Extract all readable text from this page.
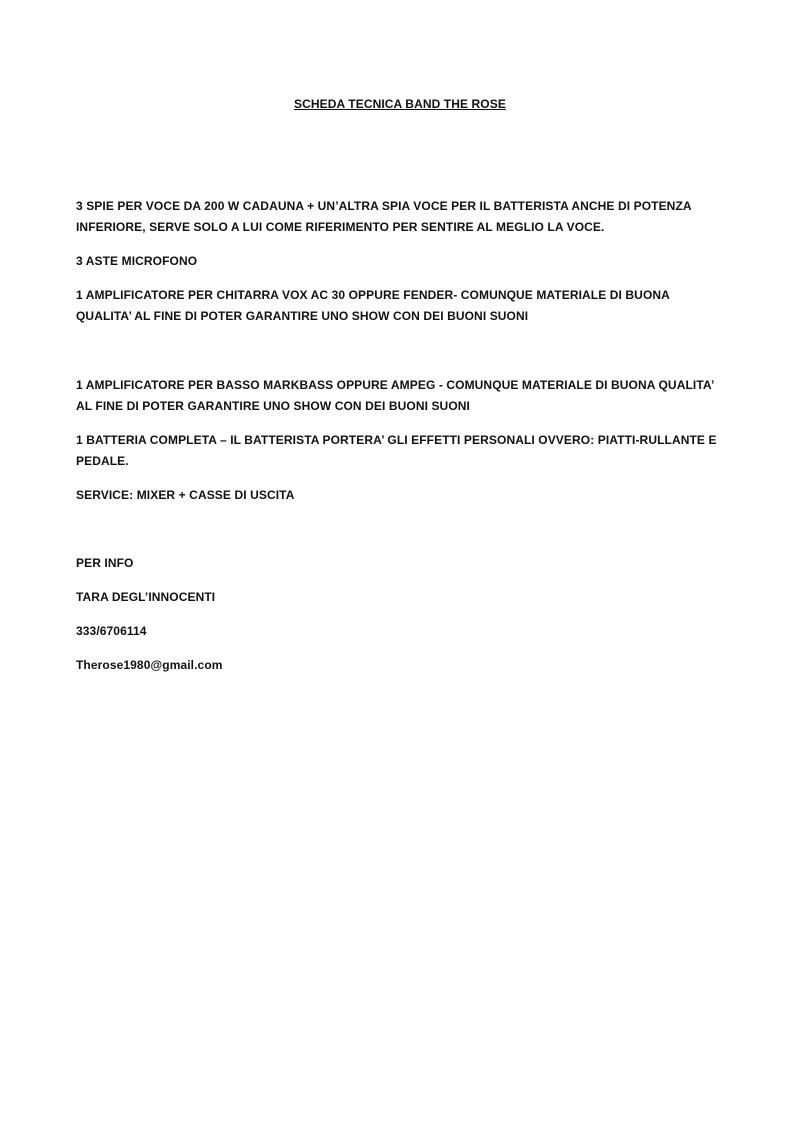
SCHEDA TECNICA BAND THE ROSE

3 SPIE PER VOCE DA 200 W CADAUNA + UN’ALTRA SPIA VOCE PER IL BATTERISTA ANCHE DI POTENZA INFERIORE, SERVE SOLO A LUI COME RIFERIMENTO PER SENTIRE AL MEGLIO LA VOCE.

3 ASTE MICROFONO

1 AMPLIFICATORE PER CHITARRA VOX AC 30 OPPURE FENDER- COMUNQUE MATERIALE DI BUONA QUALITA’ AL FINE DI POTER GARANTIRE UNO SHOW CON DEI BUONI SUONI

1 AMPLIFICATORE PER BASSO MARKBASS OPPURE AMPEG - COMUNQUE MATERIALE DI BUONA QUALITA’ AL FINE DI POTER GARANTIRE UNO SHOW CON DEI BUONI SUONI

1 BATTERIA COMPLETA – IL BATTERISTA PORTERA’ GLI EFFETTI PERSONALI OVVERO: PIATTI-RULLANTE E PEDALE.

SERVICE: MIXER + CASSE DI USCITA

PER INFO

TARA DEGL’INNOCENTI

333/6706114

Therose1980@gmail.com
